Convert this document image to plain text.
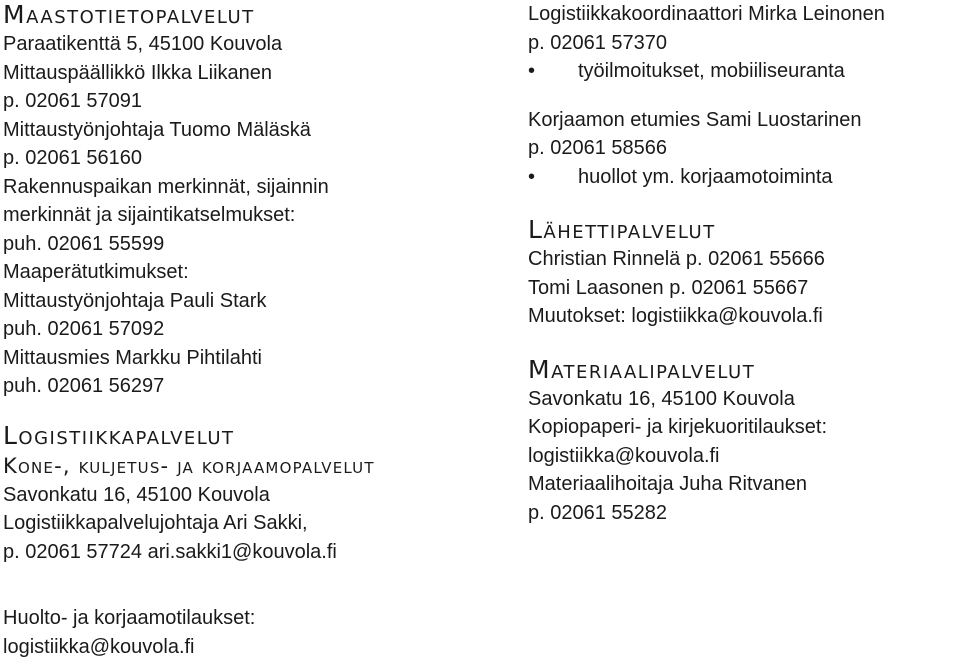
Maastotietopalvelut
Paraatikenttä 5, 45100 Kouvola
Mittauspäällikkö Ilkka Liikanen
p. 02061 57091
Mittaustyönjohtaja Tuomo Mäläskä
p. 02061 56160
Rakennuspaikan merkinnät, sijainnin
merkinnät ja sijaintikatselmukset:
puh. 02061 55599
Maaperätutkimukset:
Mittaustyönjohtaja Pauli Stark
puh. 02061 57092
Mittausmies Markku Pihtilahti
puh. 02061 56297
Logistiikkapalvelut
Kone-, kuljetus- ja korjaamopalvelut
Savonkatu 16, 45100 Kouvola
Logistiikkapalvelujohtaja Ari Sakki,
p. 02061 57724 ari.sakki1@kouvola.fi
Huolto- ja korjaamotilaukset:
logistiikka@kouvola.fi
Logistiikkakoordinaattori Mirka Leinonen
p. 02061 57370
• työilmoitukset, mobiiliseuranta
Korjaamon etumies Sami Luostarinen
p. 02061 58566
• huollot ym. korjaamotoiminta
Lähettipalvelut
Christian Rinnelä p. 02061 55666
Tomi Laasonen p. 02061 55667
Muutokset: logistiikka@kouvola.fi
Materiaalipalvelut
Savonkatu 16, 45100 Kouvola
Kopiopaperi- ja kirjekuoritilaukset:
logistiikka@kouvola.fi
Materiaalihoitaja Juha Ritvanen
p. 02061 55282
